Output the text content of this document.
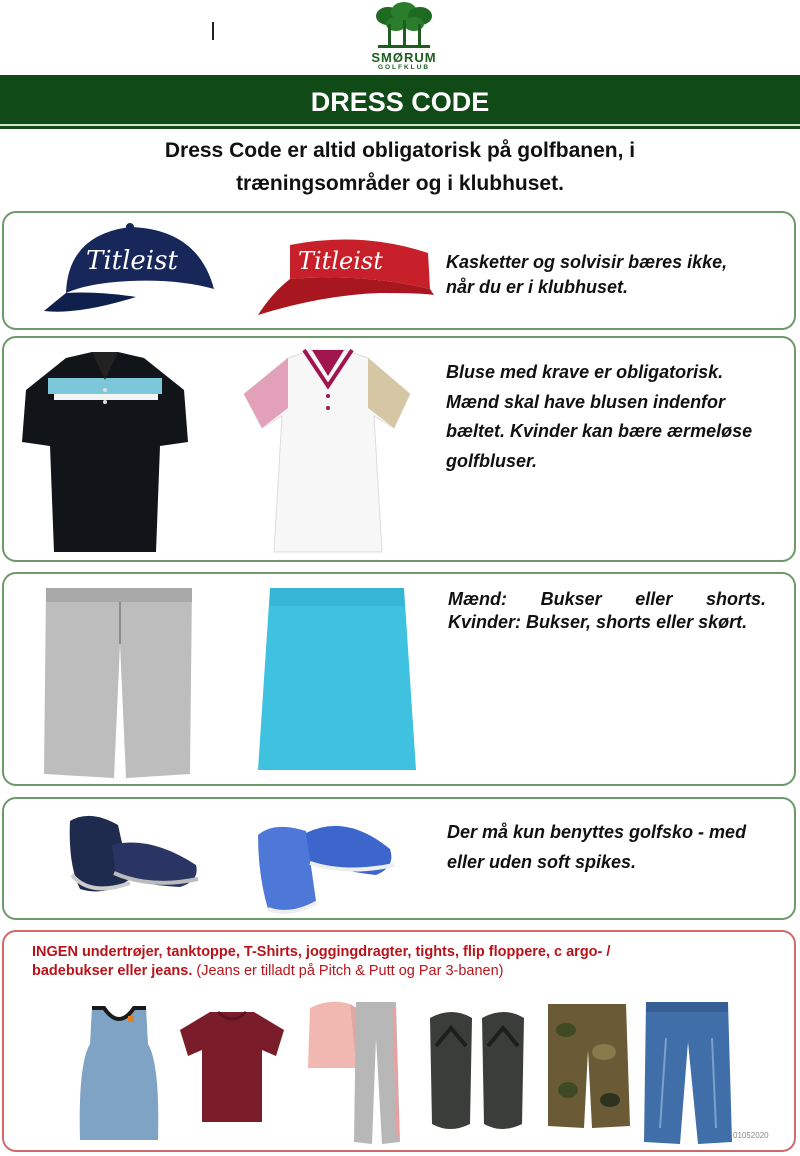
SMØRUM
GOLFKLUB
DRESS CODE
Dress Code er altid obligatorisk på golfbanen, i
træningsområder og i klubhuset.
Titleist	Titleist	Kasketter og solvisir bæres ikke,
når du er i klubhuset.
Bluse med krave er obligatorisk.
Mænd skal have blusen indenfor
bæltet. Kvinder kan bære ærmeløse
golfbluser.
Mænd: Bukser eller shorts.
Kvinder: Bukser, shorts eller skørt.
Der må kun benyttes golfsko - med
eller uden soft spikes.
INGEN undertrøjer, tanktoppe, T-Shirts, joggingdragter, tights, flip floppere, c argo- /
badebukser eller jeans. (Jeans er tilladt på Pitch & Putt og Par 3-banen)
01052020
